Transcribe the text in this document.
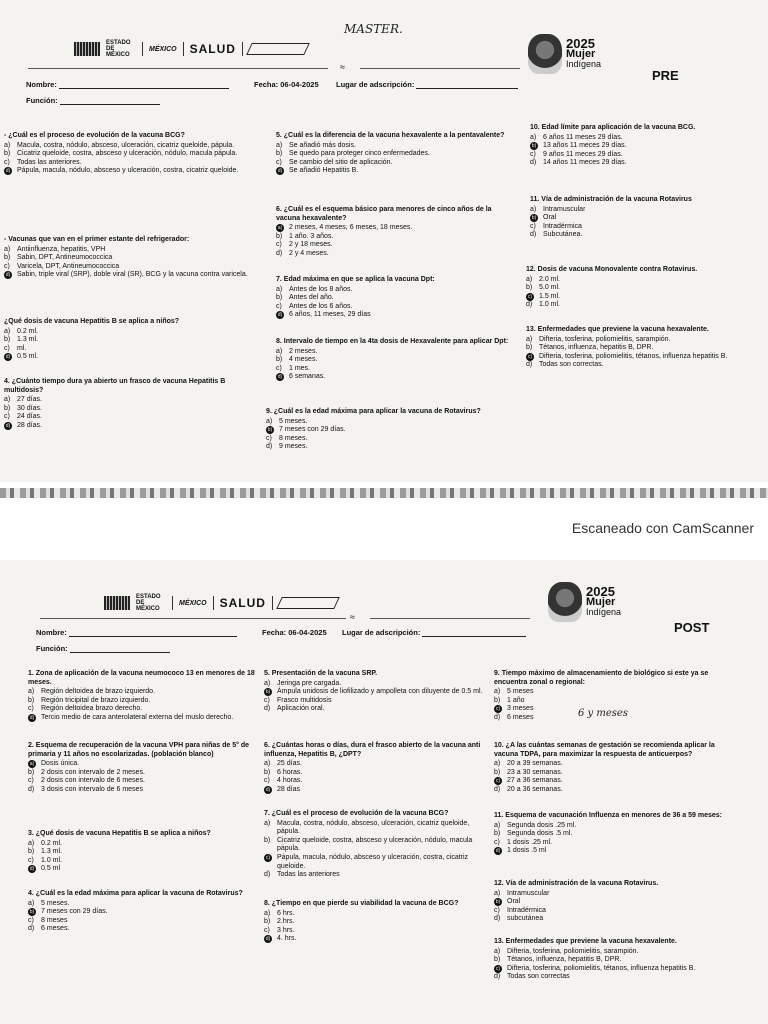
MASTER.
ESTADO DE MÉXICO
MÉXICO SALUD
≈
2025
Mujer
Indígena
PRE
Nombre:	Fecha: 06-04-2025 Lugar de adscripción:
Función:
- ¿Cuál es el proceso de evolución de la vacuna BCG?
a) Macula, costra, nódulo, absceso, ulceración, cicatriz queloide, pápula.
b) Cicatriz queloide, costra, absceso y ulceración, nódulo, macula pápula.
c) Todas las anteriores.
d) Pápula, macula, nódulo, absceso y ulceración, costra, cicatriz queloide.
- Vacunas que van en el primer estante del refrigerador:
a) Antiinfluenza, hepatitis, VPH
b) Sabin, DPT, Antineumococcica
c) Varicela, DPT, Antineumococcica
d) Sabin, triple viral (SRP), doble viral (SR), BCG y la vacuna contra varicela.
¿Qué dosis de vacuna Hepatitis B se aplica a niños?
a) 0.2 ml.
b) 1.3 ml.
c) ml.
d) 0.5 ml.
4. ¿Cuánto tiempo dura ya abierto un frasco de vacuna Hepatitis B multidosis?
a) 27 días.
b) 30 días.
c) 24 días.
d) 28 días.
5. ¿Cuál es la diferencia de la vacuna hexavalente a la pentavalente?
a) Se añadió más dosis.
b) Se quedo para proteger cinco enfermedades.
c) Se cambio del sitio de aplicación.
d) Se añadió Hepatitis B.
6. ¿Cuál es el esquema básico para menores de cinco años de la vacuna hexavalente?
a) 2 meses, 4 meses, 6 meses, 18 meses.
b) 1 año. 3 años.
c) 2 y 18 meses.
d) 2 y 4 meses.
7. Edad máxima en que se aplica la vacuna Dpt:
a) Antes de los 8 años.
b) Antes del año.
c) Antes de los 6 años.
d) 6 años, 11 meses, 29 días
8. Intervalo de tiempo en la 4ta dosis de Hexavalente para aplicar Dpt:
a) 2 meses.
b) 4 meses.
c) 1 mes.
d) 6 semanas.
9. ¿Cuál es la edad máxima para aplicar la vacuna de Rotavirus?
a) 5 meses.
b) 7 meses con 29 días.
c) 8 meses.
d) 9 meses.
10. Edad límite para aplicación de la vacuna BCG.
a) 6 años 11 meses 29 días.
b) 13 años 11 meces 29 días.
c) 9 años 11 meces 29 días.
d) 14 años 11 meces 29 días.
11. Vía de administración de la vacuna Rotavirus
a) Intramuscular
b) Oral
c) Intradérmica
d) Subcutánea.
12. Dosis de vacuna Monovalente contra Rotavirus.
a) 2.0 ml.
b) 5.0 ml.
c) 1.5 ml.
d) 1.0 ml.
13. Enfermedades que previene la vacuna hexavalente.
a) Difteria, tosferina, poliomielitis, sarampión.
b) Tétanos, influenza, hepatitis B, DPR.
c) Difteria, tosferina, poliomielitis, tétanos, influenza hepatitis B.
d) Todas son correctas.
Escaneado con CamScanner
ESTADO DE MÉXICO
MÉXICO SALUD
≈
2025
Mujer
Indígena
POST
Nombre:	Fecha: 06-04-2025 Lugar de adscripción:
Función:
1. Zona de aplicación de la vacuna neumococo 13 en menores de 18 meses.
a) Región deltoidea de brazo izquierdo.
b) Región tricipital de brazo izquierdo.
c) Región deltoidea brazo derecho.
d) Tercio medio de cara anterolateral externa del muslo derecho.
2. Esquema de recuperación de la vacuna VPH para niñas de 5° de primaria y 11 años no escolarizadas. (población blanco)
a) Dosis única.
b) 2 dosis con intervalo de 2 meses.
c) 2 dosis con intervalo de 6 meses.
d) 3 dosis con intervalo de 6 meses
3. ¿Qué dosis de vacuna Hepatitis B se aplica a niños?
a) 0.2 ml.
b) 1.3 ml.
c) 1.0 ml.
d) 0.5 ml
4. ¿Cuál es la edad máxima para aplicar la vacuna de Rotavirus?
a) 5 meses.
b) 7 meses con 29 días.
c) 8 meses
d) 6 meses.
5. Presentación de la vacuna SRP.
a) Jeringa pre cargada.
b) Ámpula unidosis de liofilizado y ampolleta con diluyente de 0.5 ml.
c) Frasco multidosis
d) Aplicación oral.
6. ¿Cuántas horas o días, dura el frasco abierto de la vacuna anti influenza, Hepatitis B, ¿DPT?
a) 25 días.
b) 6 horas.
c) 4 horas.
d) 28 días
7. ¿Cuál es el proceso de evolución de la vacuna BCG?
a) Macula, costra, nódulo, absceso, ulceración, cicatriz queloide, pápula.
b) Cicatriz queloide, costra, absceso y ulceración, nódulo, macula pápula.
c) Pápula, macula, nódulo, absceso y ulceración, costra, cicatriz queloide.
d) Todas las anteriores
8. ¿Tiempo en que pierde su viabilidad la vacuna de BCG?
a) 6 hrs.
b) 2.hrs.
c) 3 hrs.
d) 4. hrs.
9. Tiempo máximo de almacenamiento de biológico si este ya se encuentra zonal o regional:
a) 5 meses
b) 1 año
c) 3 meses
d) 6 meses	6 y meses
10. ¿A las cuántas semanas de gestación se recomienda aplicar la vacuna TDPA, para maximizar la respuesta de anticuerpos?
a) 20 a 39 semanas.
b) 23 a 30 semanas.
c) 27 a 36 semanas.
d) 20 a 36 semanas.
11. Esquema de vacunación Influenza en menores de 36 a 59 meses:
a) Segunda dosis .25 ml.
b) Segunda dosis .5 ml.
c) 1 dosis .25 ml.
d) 1 dosis .5 ml
12. Vía de administración de la vacuna Rotavirus.
a) Intramuscular
b) Oral
c) Intradérmica
d) subcutánea
13. Enfermedades que previene la vacuna hexavalente.
a) Difteria, tosferina, poliomielitis, sarampión.
b) Tétanos, influenza, hepatitis B, DPR.
c) Difteria, tosferina, poliomielitis, tétanos, influenza hepatitis B.
d) Todas son correctas
